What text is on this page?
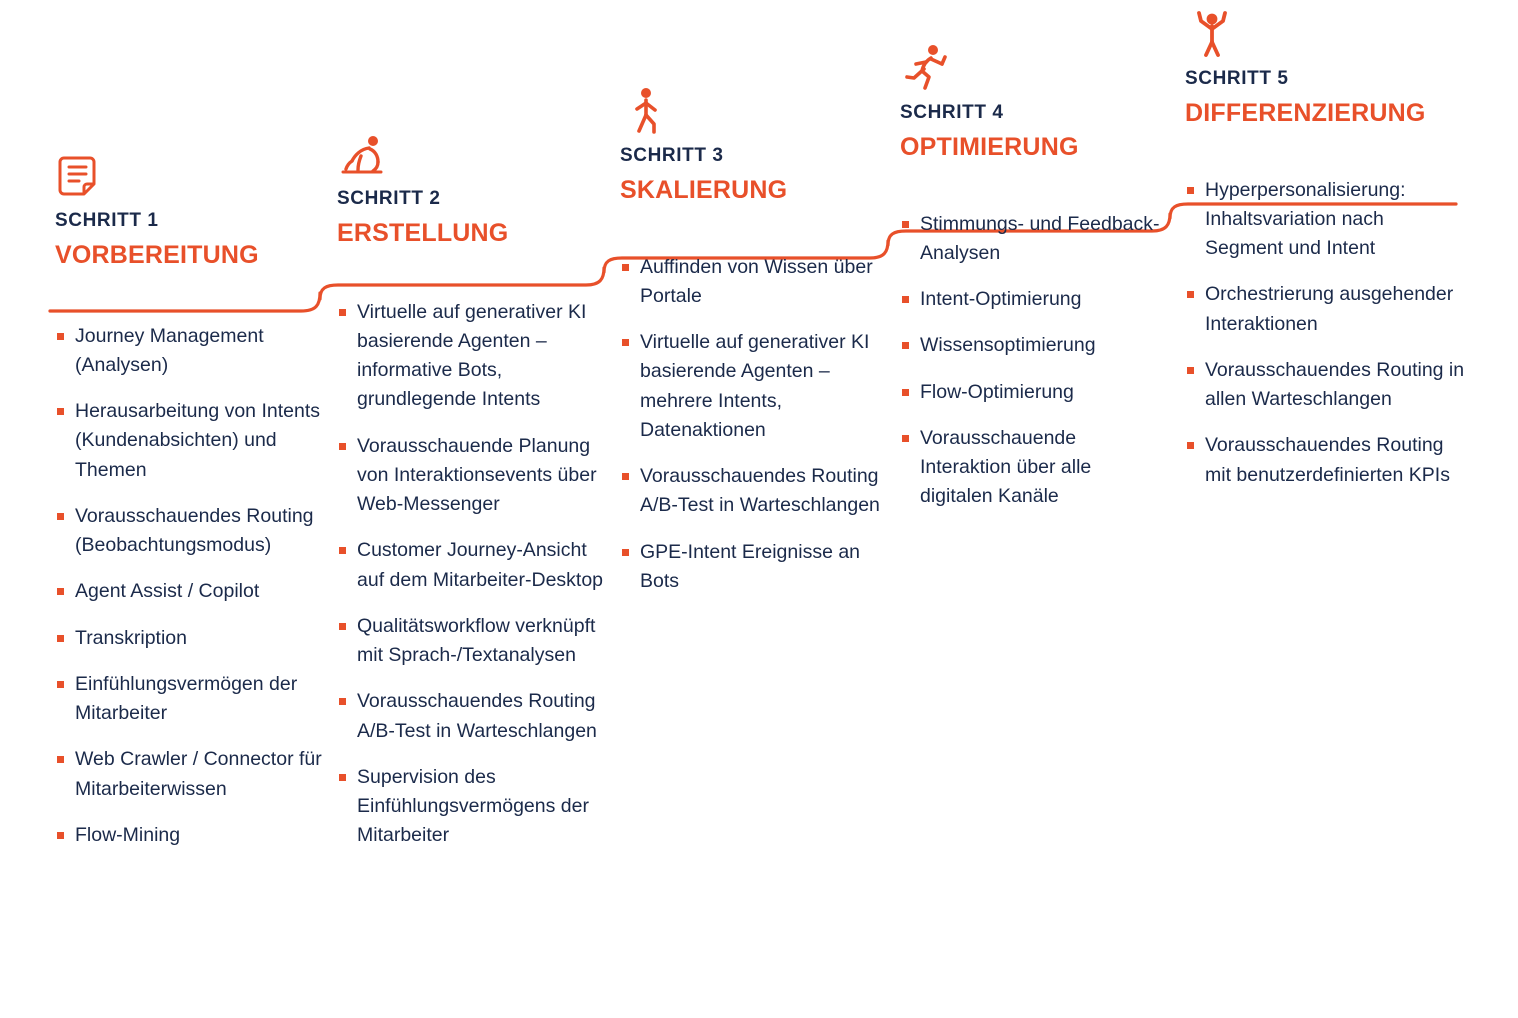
SCHRITT 1

VORBEREITUNG

Journey Management (Analysen)
Herausarbeitung von Intents (Kundenabsichten) und Themen
Vorausschauendes Routing (Beobachtungsmodus)
Agent Assist / Copilot
Transkription
Einfühlungsvermögen der Mitarbeiter
Web Crawler / Connector für Mitarbeiterwissen
Flow-Mining

SCHRITT 2

ERSTELLUNG

Virtuelle auf generativer KI basierende Agenten – informative Bots, grundlegende Intents
Vorausschauende Planung von Interaktionsevents über Web-Messenger
Customer Journey-Ansicht auf dem Mitarbeiter-Desktop
Qualitätsworkflow verknüpft mit Sprach-/Textanalysen
Vorausschauendes Routing A/B-Test in Warteschlangen
Supervision des Einfühlungsvermögens der Mitarbeiter

SCHRITT 3

SKALIERUNG

Auffinden von Wissen über Portale
Virtuelle auf generativer KI basierende Agenten – mehrere Intents, Datenaktionen
Vorausschauendes Routing A/B-Test in Warteschlangen
GPE-Intent Ereignisse an Bots

SCHRITT 4

OPTIMIERUNG

Stimmungs- und Feedback-Analysen
Intent-Optimierung
Wissensoptimierung
Flow-Optimierung
Vorausschauende Interaktion über alle digitalen Kanäle

SCHRITT 5

DIFFERENZIERUNG

Hyperpersonalisierung: Inhaltsvariation nach Segment und Intent
Orchestrierung ausgehender Interaktionen
Vorausschauendes Routing in allen Warteschlangen
Vorausschauendes Routing mit benutzerdefinierten KPIs
